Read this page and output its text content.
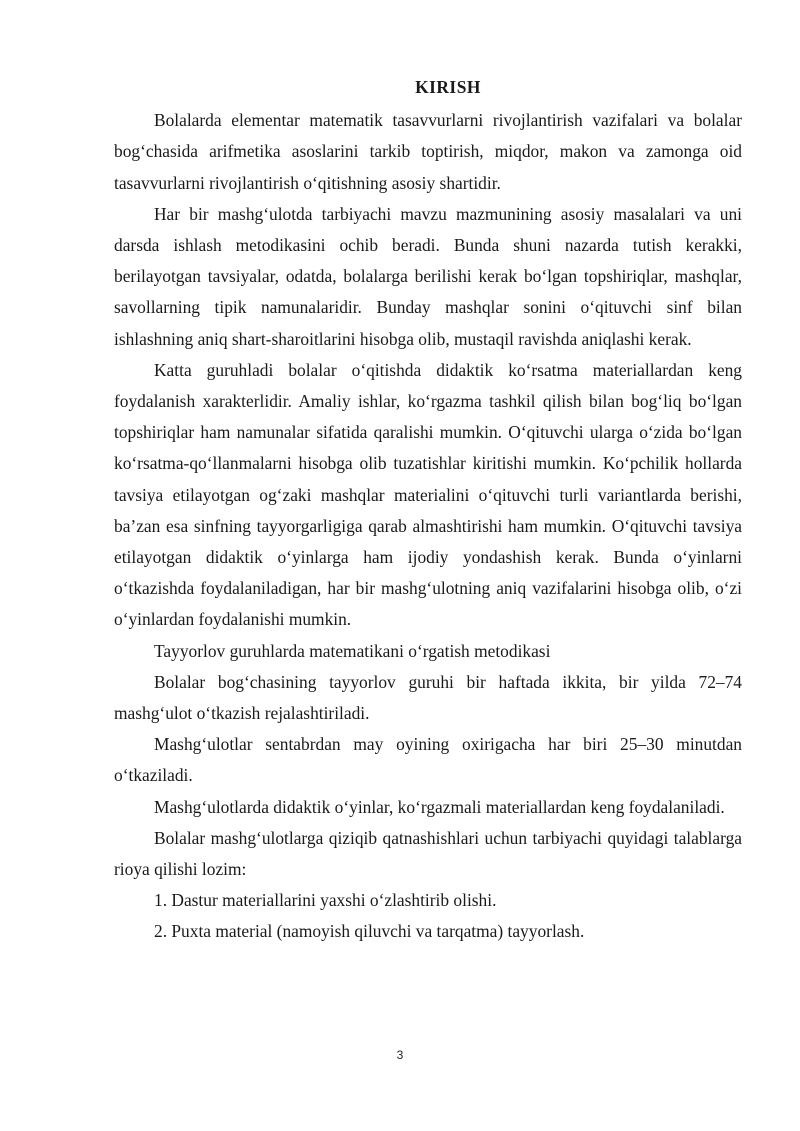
KIRISH

Bolalarda elementar matematik tasavvurlarni rivojlantirish vazifalari va bolalar bog‘chasida arifmetika asoslarini tarkib toptirish, miqdor, makon va zamonga oid tasavvurlarni rivojlantirish o‘qitishning asosiy shartidir.

Har bir mashg‘ulotda tarbiyachi mavzu mazmunining asosiy masalalari va uni darsda ishlash metodikasini ochib beradi. Bunda shuni nazarda tutish kerakki, berilayotgan tavsiyalar, odatda, bolalarga berilishi kerak bo‘lgan topshiriqlar, mashqlar, savollarning tipik namunalaridir. Bunday mashqlar sonini o‘qituvchi sinf bilan ishlashning aniq shart-sharoitlarini hisobga olib, mustaqil ravishda aniqlashi kerak.

Katta guruhladi bolalar o‘qitishda didaktik ko‘rsatma materiallardan keng foydalanish xarakterlidir. Amaliy ishlar, ko‘rgazma tashkil qilish bilan bog‘liq bo‘lgan topshiriqlar ham namunalar sifatida qaralishi mumkin. O‘qituvchi ularga o‘zida bo‘lgan ko‘rsatma-qo‘llanmalarni hisobga olib tuzatishlar kiritishi mumkin. Ko‘pchilik hollarda tavsiya etilayotgan og‘zaki mashqlar materialini o‘qituvchi turli variantlarda berishi, ba’zan esa sinfning tayyorgarligiga qarab almashtirishi ham mumkin. O‘qituvchi tavsiya etilayotgan didaktik o‘yinlarga ham ijodiy yondashish kerak. Bunda o‘yinlarni o‘tkazishda foydalaniladigan, har bir mashg‘ulotning aniq vazifalarini hisobga olib, o‘zi o‘yinlardan foydalanishi mumkin.

Tayyorlov guruhlarda matematikani o‘rgatish metodikasi

Bolalar bog‘chasining tayyorlov guruhi bir haftada ikkita, bir yilda 72–74 mashg‘ulot o‘tkazish rejalashtiriladi.

Mashg‘ulotlar sentabrdan may oyining oxirigacha har biri 25–30 minutdan o‘tkaziladi.

Mashg‘ulotlarda didaktik o‘yinlar, ko‘rgazmali materiallardan keng foydalaniladi.

Bolalar mashg‘ulotlarga qiziqib qatnashishlari uchun tarbiyachi quyidagi talablarga rioya qilishi lozim:

1. Dastur materiallarini yaxshi o‘zlashtirib olishi.

2. Puxta material (namoyish qiluvchi va tarqatma) tayyorlash.

3
